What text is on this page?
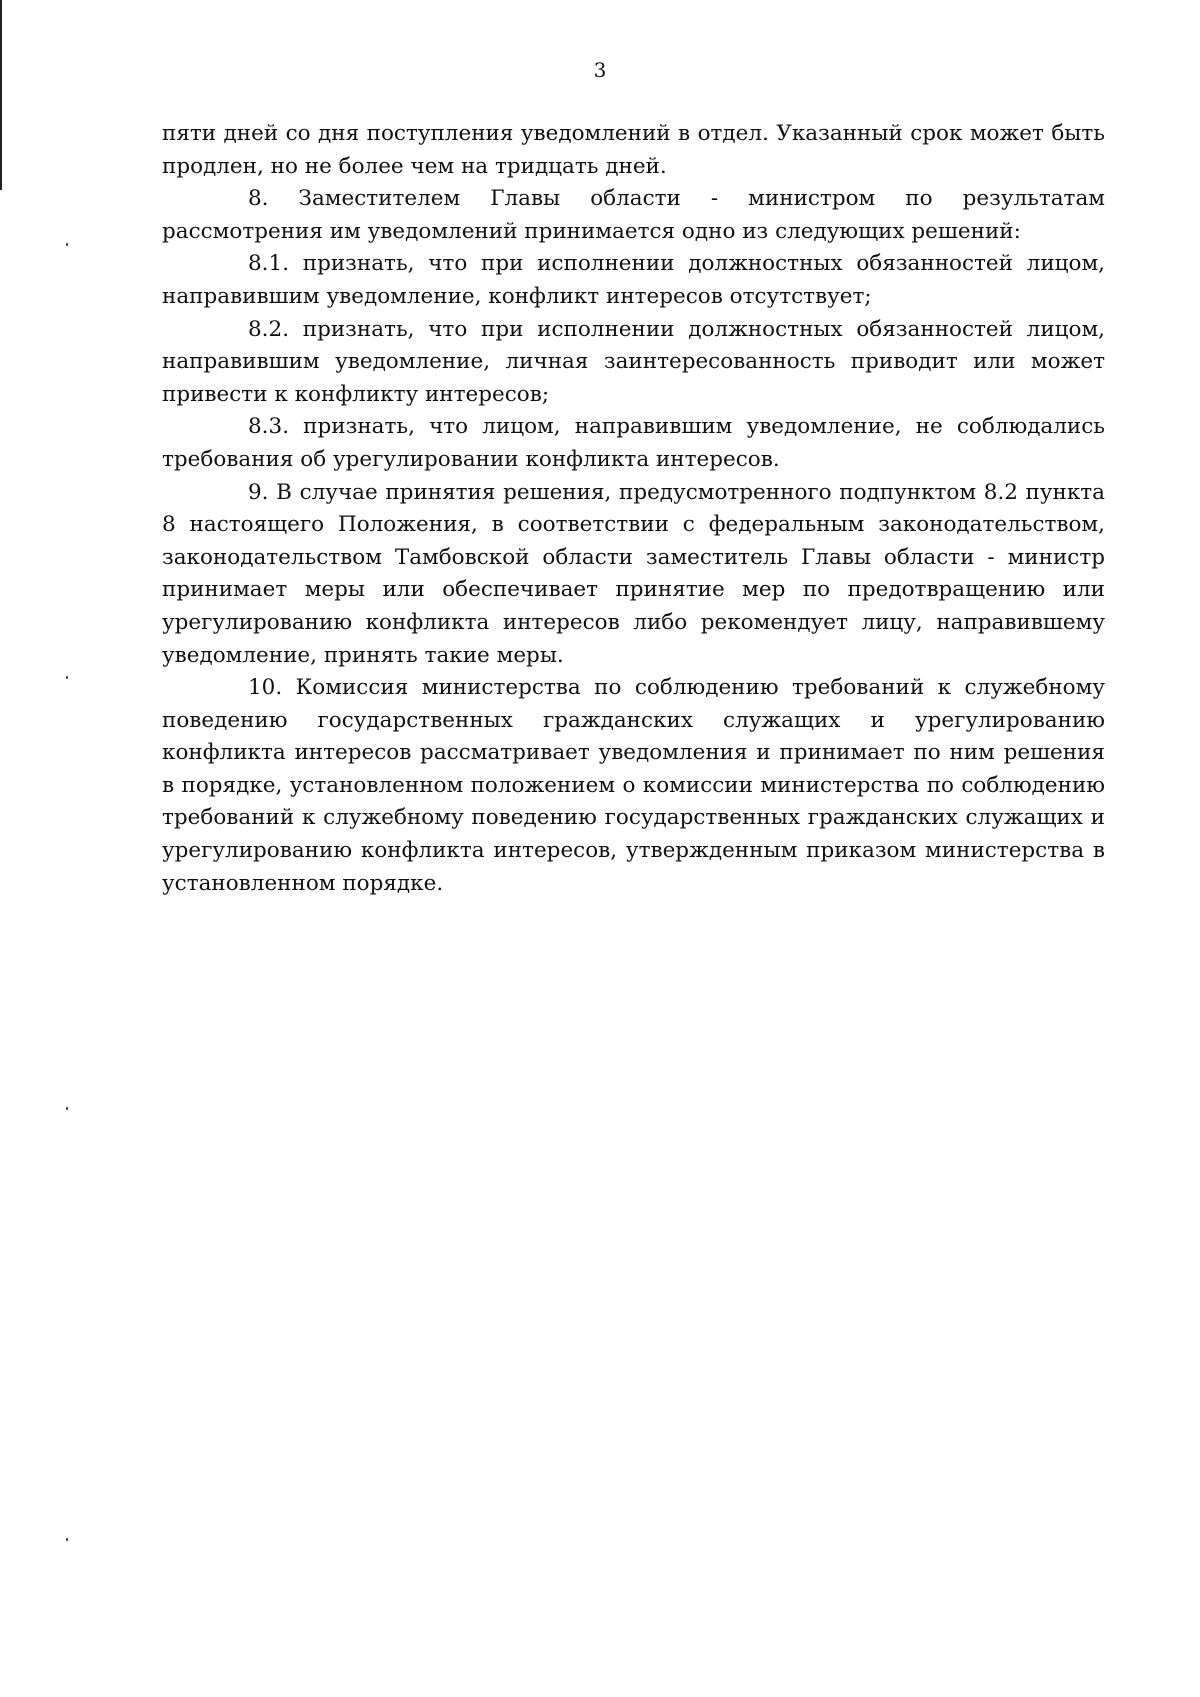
3

пяти дней со дня поступления уведомлений в отдел. Указанный срок может быть продлен, но не более чем на тридцать дней.

8. Заместителем Главы области - министром по результатам рассмотрения им уведомлений принимается одно из следующих решений:

8.1. признать, что при исполнении должностных обязанностей лицом, направившим уведомление, конфликт интересов отсутствует;

8.2. признать, что при исполнении должностных обязанностей лицом, направившим уведомление, личная заинтересованность приводит или может привести к конфликту интересов;

8.3. признать, что лицом, направившим уведомление, не соблюдались требования об урегулировании конфликта интересов.

9. В случае принятия решения, предусмотренного подпунктом 8.2 пункта 8 настоящего Положения, в соответствии с федеральным законодательством, законодательством Тамбовской области заместитель Главы области - министр принимает меры или обеспечивает принятие мер по предотвращению или урегулированию конфликта интересов либо рекомендует лицу, направившему уведомление, принять такие меры.

10. Комиссия министерства по соблюдению требований к служебному поведению государственных гражданских служащих и урегулированию конфликта интересов рассматривает уведомления и принимает по ним решения в порядке, установленном положением о комиссии министерства по соблюдению требований к служебному поведению государственных гражданских служащих и урегулированию конфликта интересов, утвержденным приказом министерства в установленном порядке.
